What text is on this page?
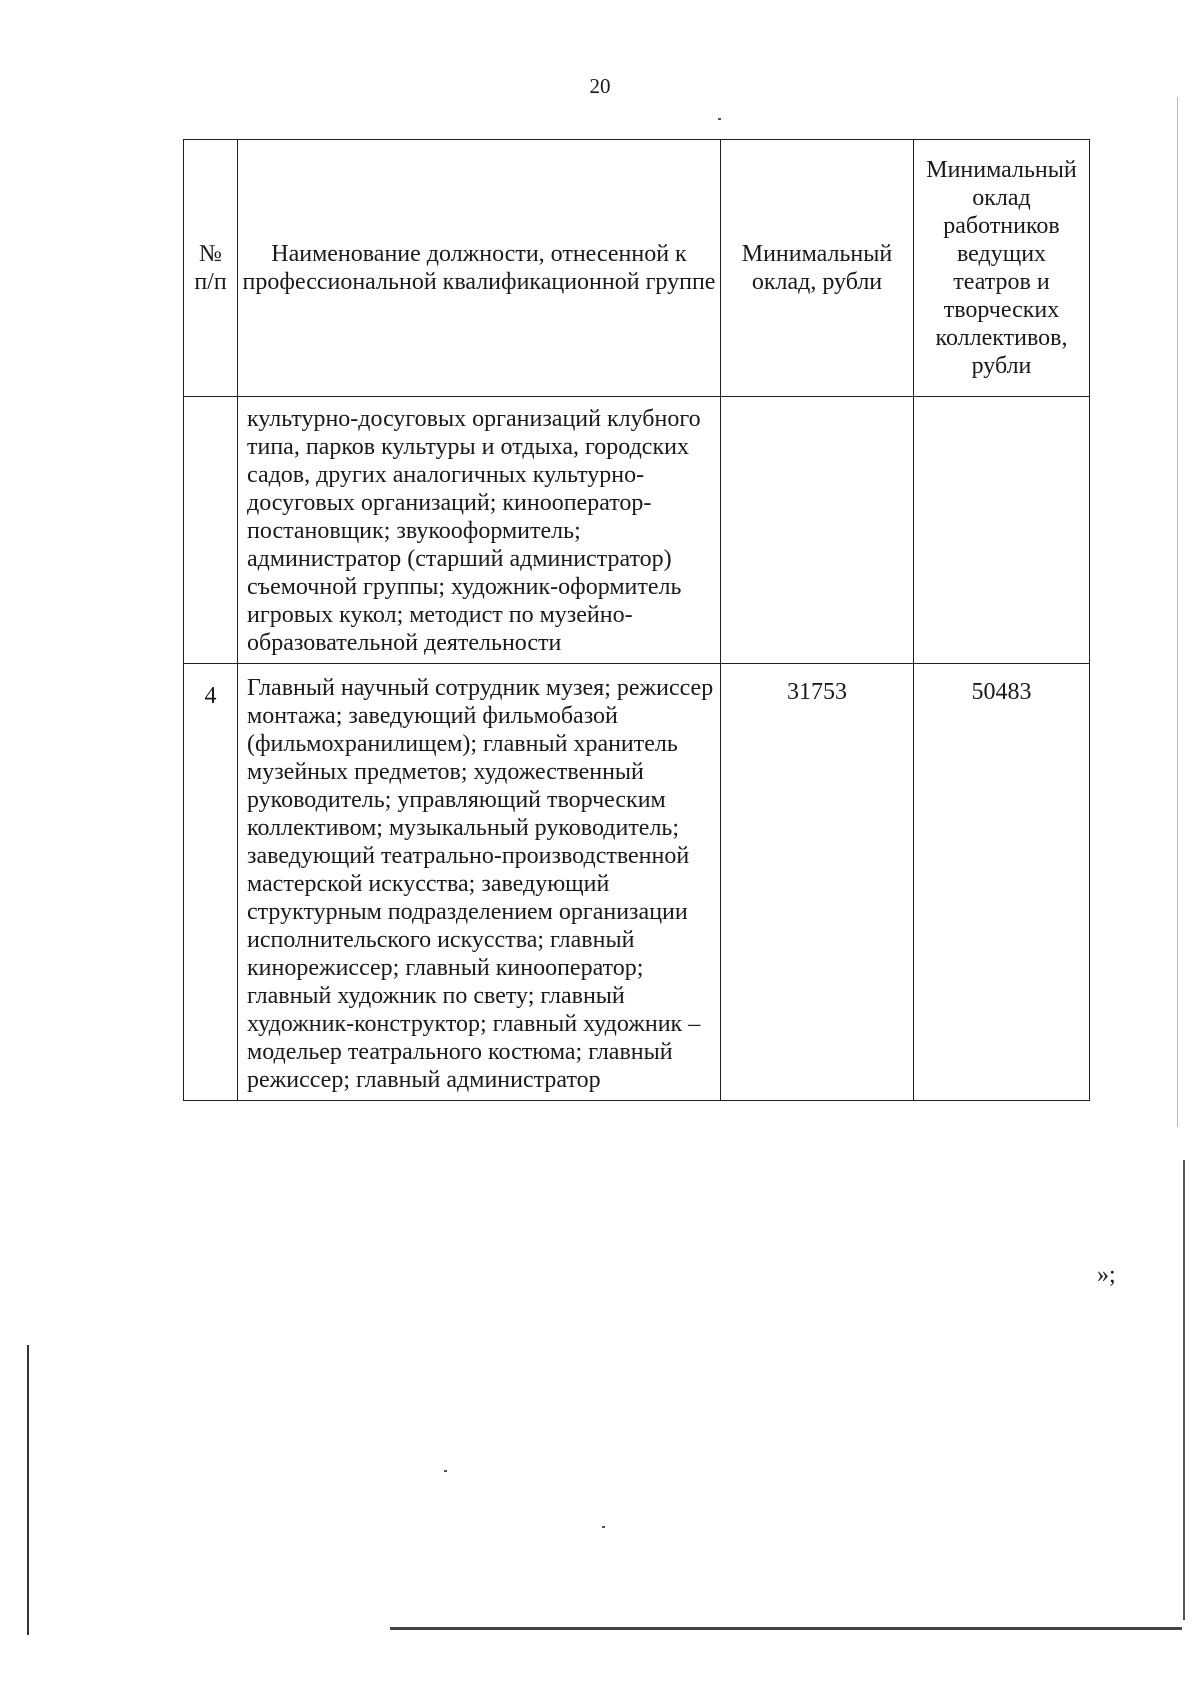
20
№ п/п	Наименование должности, отнесенной к профессиональной квалификационной группе	Минимальный оклад, рубли	Минимальный оклад работников ведущих театров и творческих коллективов, рубли
	культурно-досуговых организаций клубного типа, парков культуры и отдыха, городских садов, других аналогичных культурно-досуговых организаций; кинооператор-постановщик; звукооформитель; администратор (старший администратор) съемочной группы; художник-оформитель игровых кукол; методист по музейно-образовательной деятельности		
4	Главный научный сотрудник музея; режиссер монтажа; заведующий фильмобазой (фильмохранилищем); главный хранитель музейных предметов; художественный руководитель; управляющий творческим коллективом; музыкальный руководитель; заведующий театрально-производственной мастерской искусства; заведующий структурным подразделением организации исполнительского искусства; главный кинорежиссер; главный кинооператор; главный художник по свету; главный художник-конструктор; главный художник – модельер театрального костюма; главный режиссер; главный администратор	31753	50483
»;
